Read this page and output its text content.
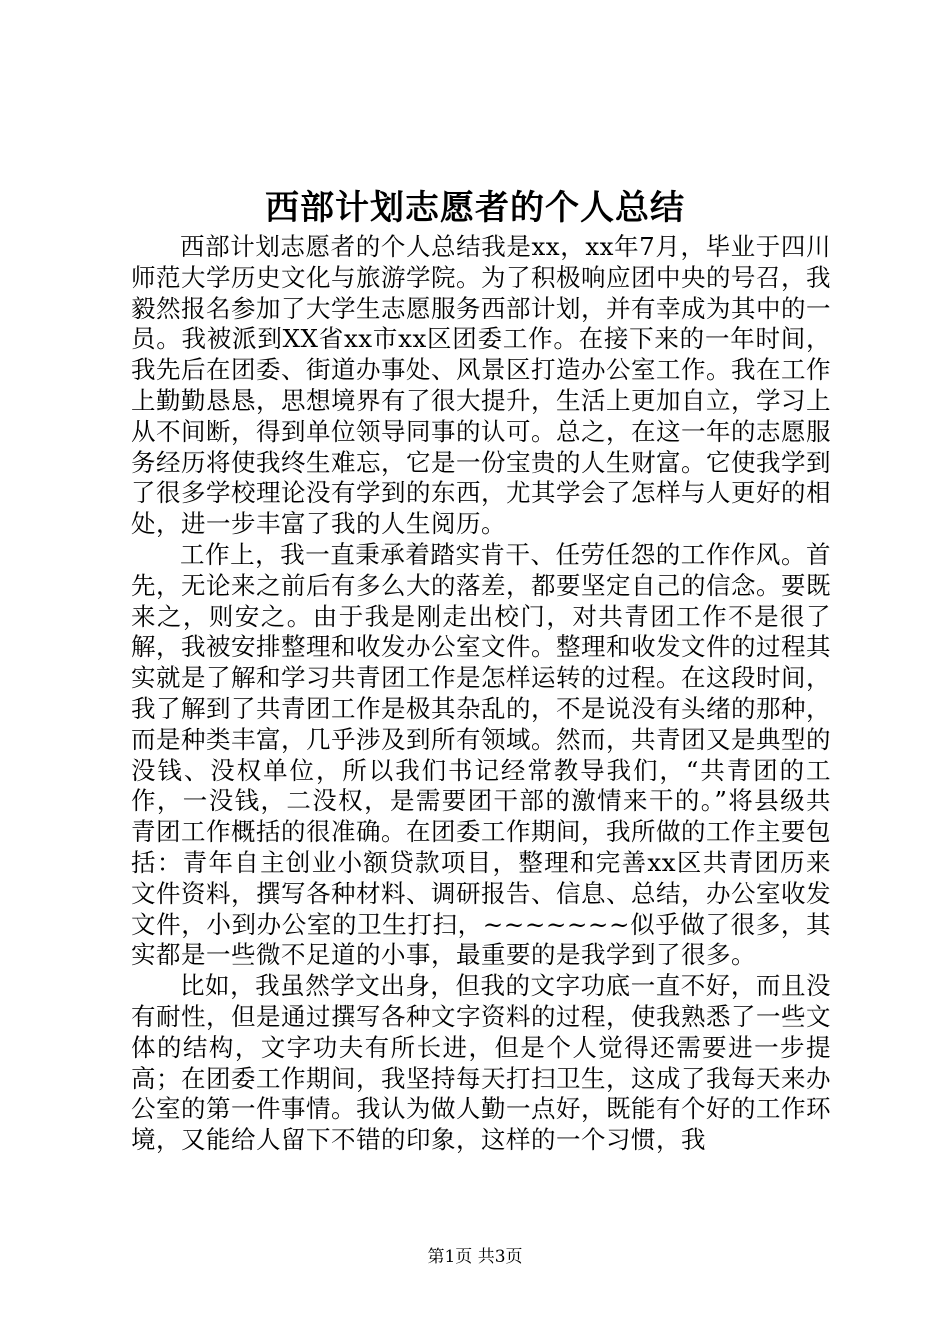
西部计划志愿者的个人总结

西部计划志愿者的个人总结我是xx，xx年7月，毕业于四川师范大学历史文化与旅游学院。为了积极响应团中央的号召，我毅然报名参加了大学生志愿服务西部计划，并有幸成为其中的一员。我被派到XX省xx市xx区团委工作。在接下来的一年时间，我先后在团委、街道办事处、风景区打造办公室工作。我在工作上勤勤恳恳，思想境界有了很大提升，生活上更加自立，学习上从不间断，得到单位领导同事的认可。总之，在这一年的志愿服务经历将使我终生难忘，它是一份宝贵的人生财富。它使我学到了很多学校理论没有学到的东西，尤其学会了怎样与人更好的相处，进一步丰富了我的人生阅历。

工作上，我一直秉承着踏实肯干、任劳任怨的工作作风。首先，无论来之前后有多么大的落差，都要坚定自己的信念。要既来之，则安之。由于我是刚走出校门，对共青团工作不是很了解，我被安排整理和收发办公室文件。整理和收发文件的过程其实就是了解和学习共青团工作是怎样运转的过程。在这段时间，我了解到了共青团工作是极其杂乱的，不是说没有头绪的那种，而是种类丰富，几乎涉及到所有领域。然而，共青团又是典型的没钱、没权单位，所以我们书记经常教导我们，“共青团的工作，一没钱，二没权，是需要团干部的激情来干的。”将县级共青团工作概括的很准确。在团委工作期间，我所做的工作主要包括：青年自主创业小额贷款项目，整理和完善xx区共青团历来文件资料，撰写各种材料、调研报告、信息、总结，办公室收发文件，小到办公室的卫生打扫，~~~~~~~似乎做了很多，其实都是一些微不足道的小事，最重要的是我学到了很多。

比如，我虽然学文出身，但我的文字功底一直不好，而且没有耐性，但是通过撰写各种文字资料的过程，使我熟悉了一些文体的结构，文字功夫有所长进，但是个人觉得还需要进一步提高；在团委工作期间，我坚持每天打扫卫生，这成了我每天来办公室的第一件事情。我认为做人勤一点好，既能有个好的工作环境，又能给人留下不错的印象，这样的一个习惯，我

第1页 共3页
